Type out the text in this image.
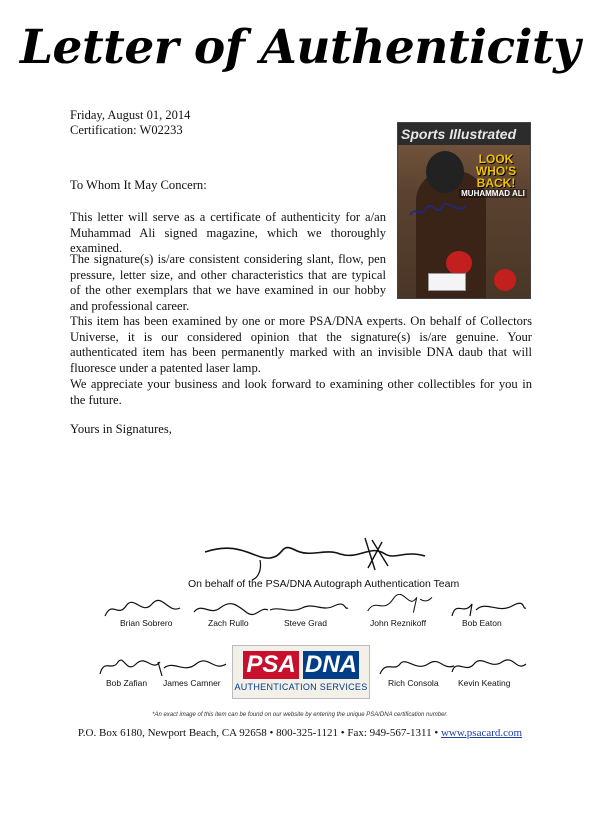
Letter of Authenticity
Friday, August 01, 2014
Certification: W02233
To Whom It May Concern:
This letter will serve as a certificate of authenticity for a/an Muhammad Ali signed magazine, which we thoroughly examined.
The signature(s) is/are consistent considering slant, flow, pen pressure, letter size, and other characteristics that are typical of the other exemplars that we have examined in our hobby and professional career.
This item has been examined by one or more PSA/DNA experts. On behalf of Collectors Universe, it is our considered opinion that the signature(s) is/are genuine. Your authenticated item has been permanently marked with an invisible DNA daub that will fluoresce under a patented laser lamp.
We appreciate your business and look forward to examining other collectibles for you in the future.
Yours in Signatures,
Sports Illustrated
LOOK WHO'S BACK!
MUHAMMAD ALI
On behalf of the PSA/DNA Autograph Authentication Team
Brian Sobrero	Zach Rullo	Steve Grad	John Reznikoff	Bob Eaton
Bob Zafian James Camner	Rich Consola Kevin Keating
PSA DNA
AUTHENTICATION SERVICES
*An exact image of this item can be found on our website by entering the unique PSA/DNA certification number.
P.O. Box 6180, Newport Beach, CA 92658 • 800-325-1121 • Fax: 949-567-1311 • www.psacard.com
